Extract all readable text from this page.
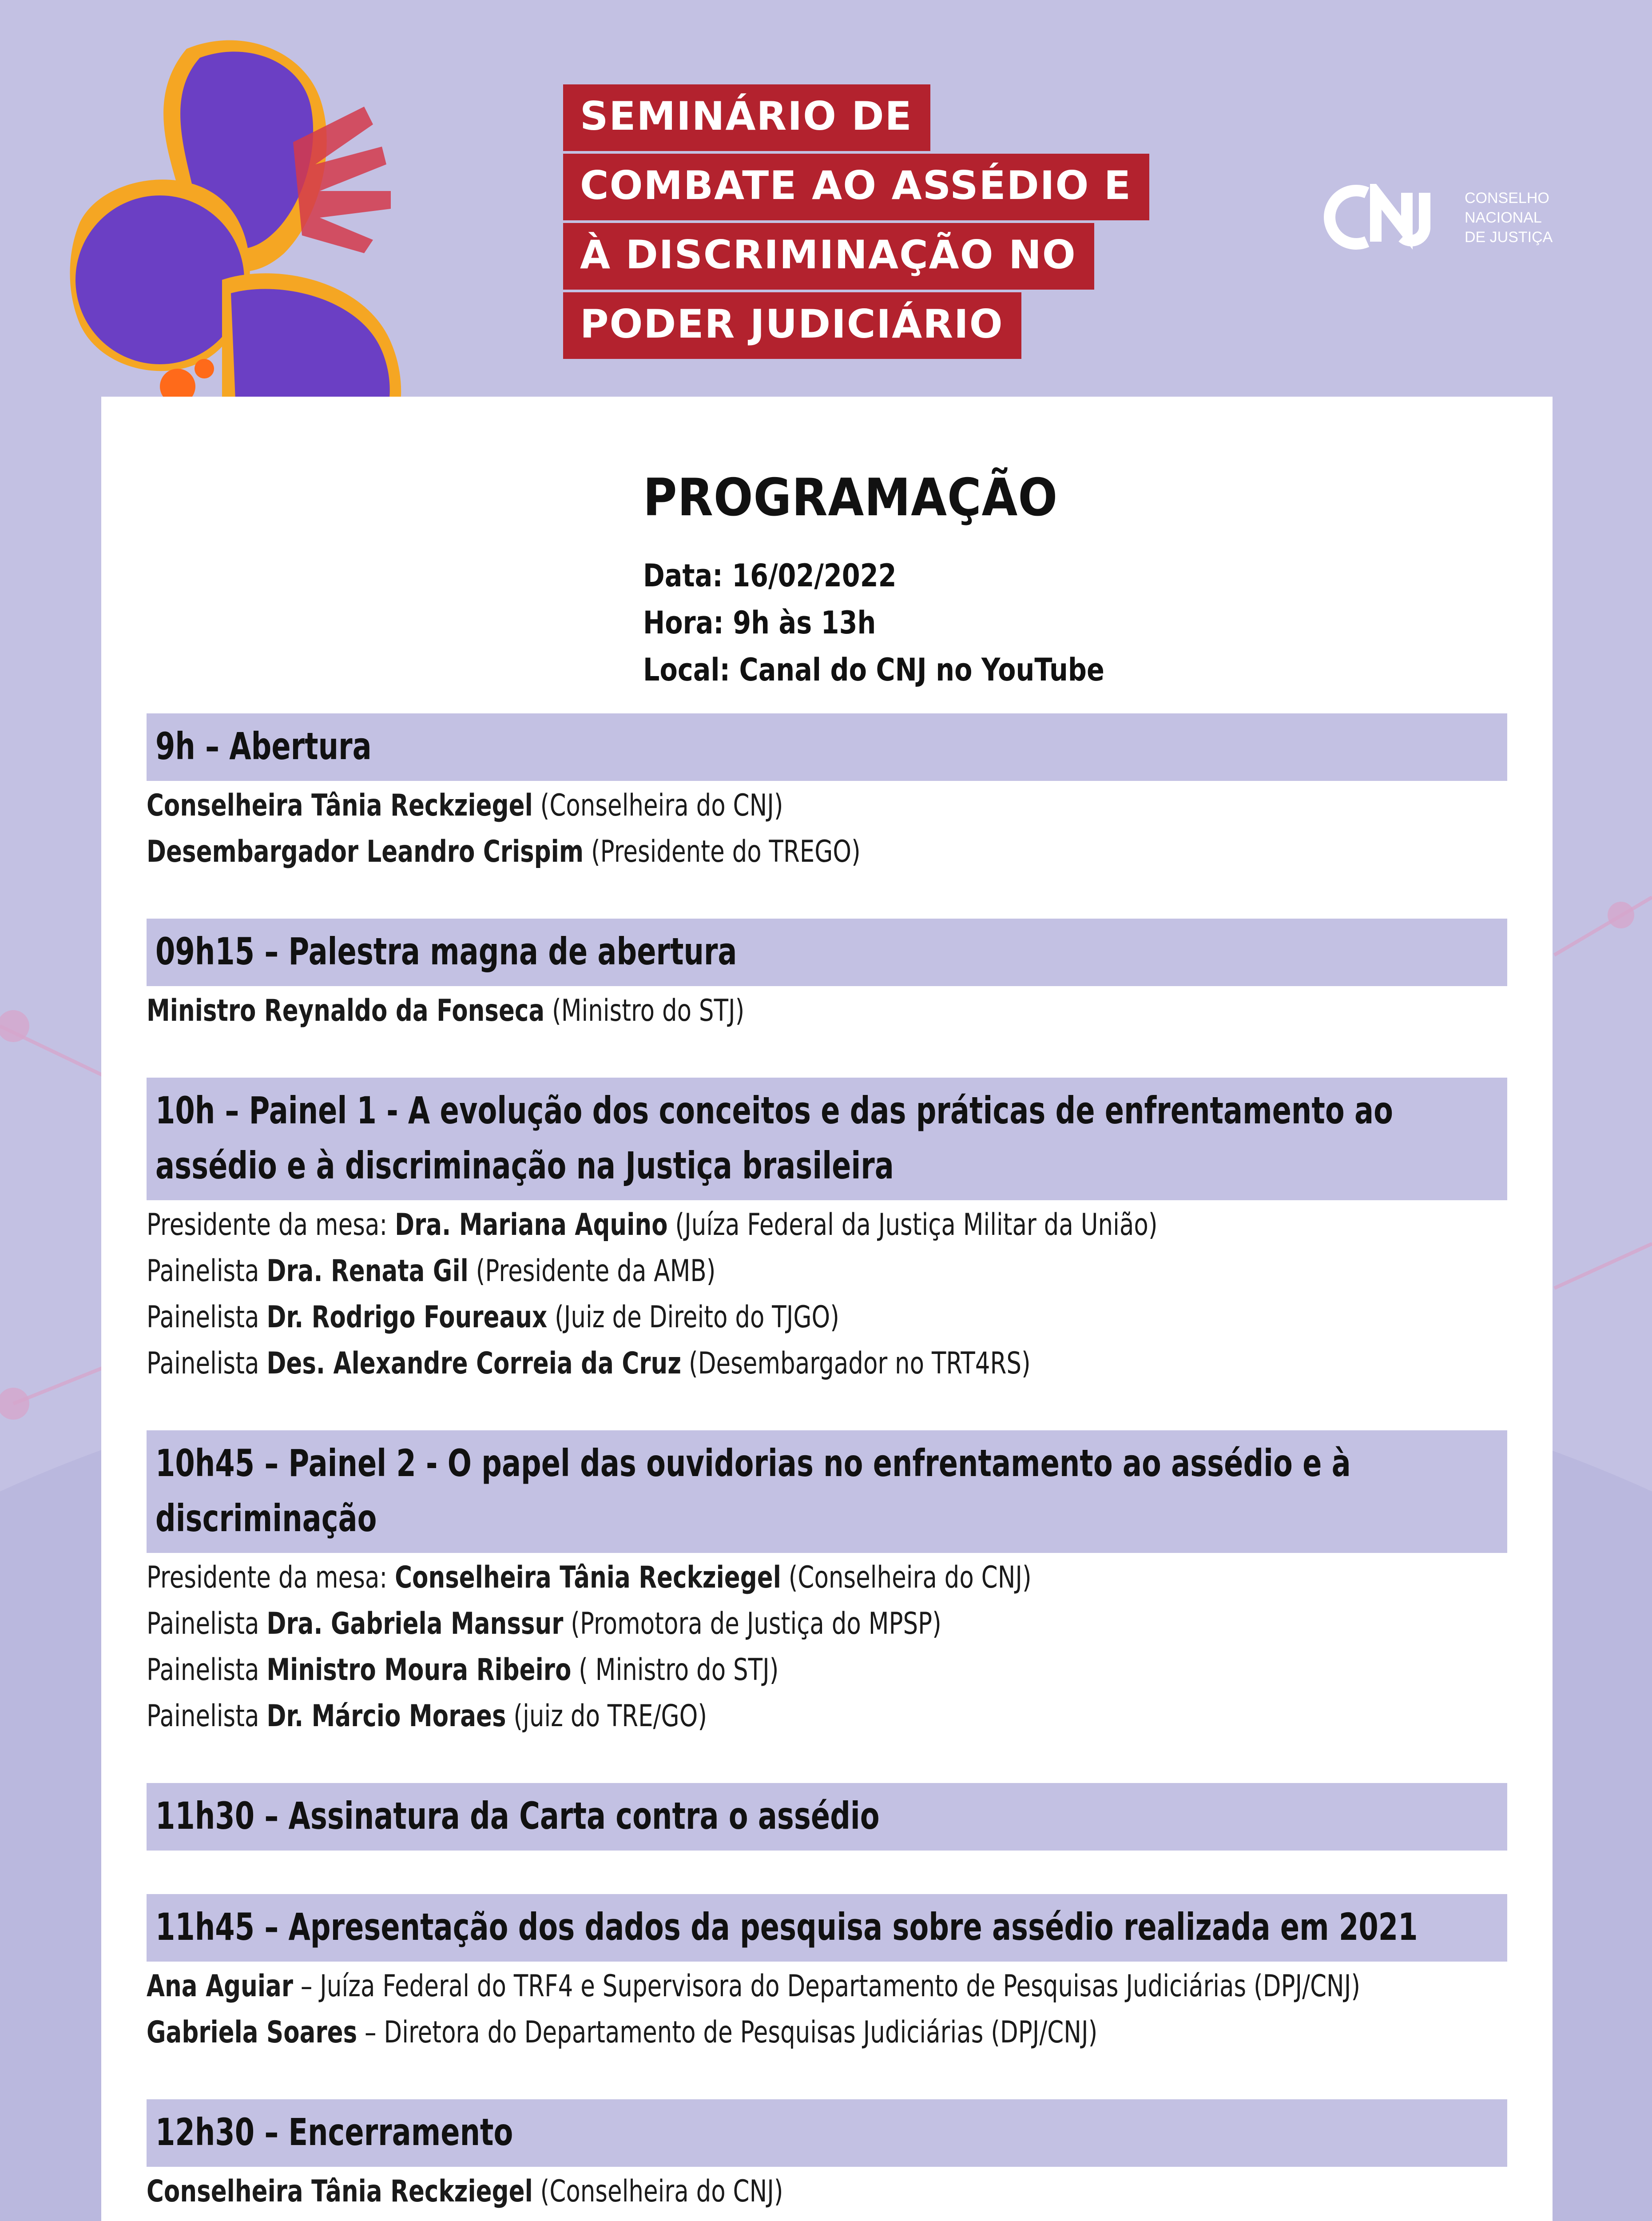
SEMINÁRIO DE
COMBATE AO ASSÉDIO E
À DISCRIMINAÇÃO NO
PODER JUDICIÁRIO
CONSELHO
NACIONAL
DE JUSTIÇA
PROGRAMAÇÃO
Data: 16/02/2022
Hora: 9h às 13h
Local: Canal do CNJ no YouTube
9h – Abertura
Conselheira Tânia Reckziegel (Conselheira do CNJ)
Desembargador Leandro Crispim (Presidente do TREGO)
09h15 – Palestra magna de abertura
Ministro Reynaldo da Fonseca (Ministro do STJ)
10h – Painel 1 - A evolução dos conceitos e das práticas de enfrentamento ao assédio e à discriminação na Justiça brasileira
Presidente da mesa: Dra. Mariana Aquino (Juíza Federal da Justiça Militar da União)
Painelista Dra. Renata Gil (Presidente da AMB)
Painelista Dr. Rodrigo Foureaux (Juiz de Direito do TJGO)
Painelista Des. Alexandre Correia da Cruz (Desembargador no TRT4RS)
10h45 – Painel 2 - O papel das ouvidorias no enfrentamento ao assédio e à discriminação
Presidente da mesa: Conselheira Tânia Reckziegel (Conselheira do CNJ)
Painelista Dra. Gabriela Manssur (Promotora de Justiça do MPSP)
Painelista Ministro Moura Ribeiro ( Ministro do STJ)
Painelista Dr. Márcio Moraes (juiz do TRE/GO)
11h30 – Assinatura da Carta contra o assédio
11h45 – Apresentação dos dados da pesquisa sobre assédio realizada em 2021
Ana Aguiar – Juíza Federal do TRF4 e Supervisora do Departamento de Pesquisas Judiciárias (DPJ/CNJ)
Gabriela Soares – Diretora do Departamento de Pesquisas Judiciárias (DPJ/CNJ)
12h30 – Encerramento
Conselheira Tânia Reckziegel (Conselheira do CNJ)
